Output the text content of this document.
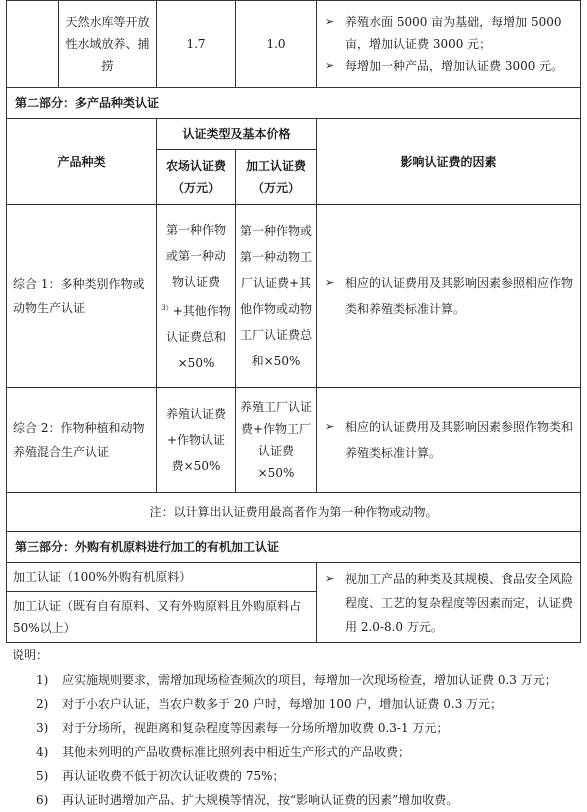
	天然水库等开放性水域放养、捕捞	1.7	1.0	➢ 养殖水面 5000 亩为基础，每增加 5000 亩，增加认证费 3000 元；
➢ 每增加一种产品，增加认证费 3000 元。

第二部分：多产品种类认证				
产品种类		认证类型及基本价格		影响认证费的因素
		农场认证费（万元）	加工认证费（万元）	
综合 1：多种类别作物或动物生产认证		第一种作物或第一种动物认证费$^{3)}$+其他作物认证费总和×50%	第一种作物或第一种动物工厂认证费+其他作物或动物工厂认证费总和×50%	➢ 相应的认证费用及其影响因素参照相应作物类和养殖类标准计算。

综合 2：作物种植和动物养殖混合生产认证		养殖认证费+作物认证费×50%	养殖工厂认证费+作物工厂认证费×50%	➢ 相应的认证费用及其影响因素参照作物类和养殖类标准计算。

注：以计算出认证费用最高者作为第一种作物或动物。				
第三部分：外购有机原料进行加工的有机加工认证				
加工认证（100%外购有机原料）				➢ 视加工产品的种类及其规模、食品安全风险程度、工艺的复杂程度等因素而定，认证费用 2.0-8.0 万元。

加工认证（既有自有原料、又有外购原料且外购原料占 50%以上）				
说明：
1)	应实施规则要求，需增加现场检查频次的项目，每增加一次现场检查，增加认证费 0.3 万元；
2)	对于小农户认证，当农户数多于 20 户时，每增加 100 户，增加认证费 0.3 万元；
3)	对于分场所，视距离和复杂程度等因素每一分场所增加收费 0.3-1 万元；
4)	其他未列明的产品收费标准比照列表中相近生产形式的产品收费；
5)	再认证收费不低于初次认证收费的 75%；
6)	再认证时遇增加产品、扩大规模等情况，按“影响认证费的因素”增加收费。
